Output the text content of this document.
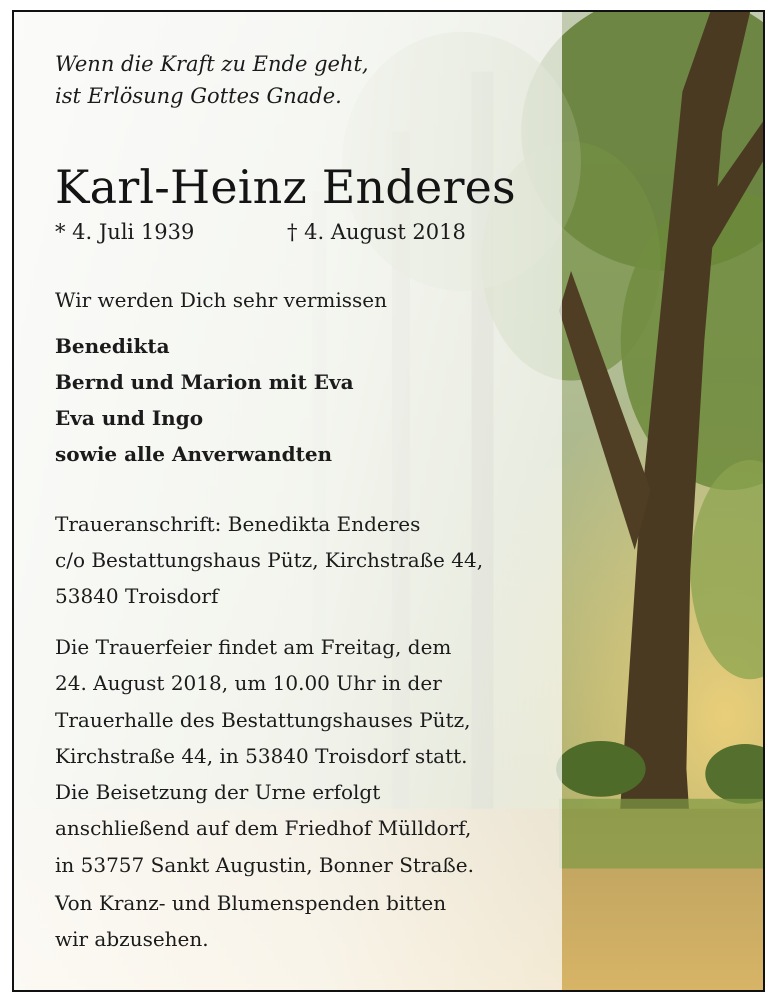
Wenn die Kraft zu Ende geht,
ist Erlösung Gottes Gnade.
Karl-Heinz Enderes
* 4. Juli 1939	† 4. August 2018
Wir werden Dich sehr vermissen
Benedikta
Bernd und Marion mit Eva
Eva und Ingo
sowie alle Anverwandten
Traueranschrift: Benedikta Enderes
c/o Bestattungshaus Pütz, Kirchstraße 44,
53840 Troisdorf
Die Trauerfeier findet am Freitag, dem
24. August 2018, um 10.00 Uhr in der
Trauerhalle des Bestattungshauses Pütz,
Kirchstraße 44, in 53840 Troisdorf statt.
Die Beisetzung der Urne erfolgt
anschließend auf dem Friedhof Mülldorf,
in 53757 Sankt Augustin, Bonner Straße.
Von Kranz- und Blumenspenden bitten
wir abzusehen.
